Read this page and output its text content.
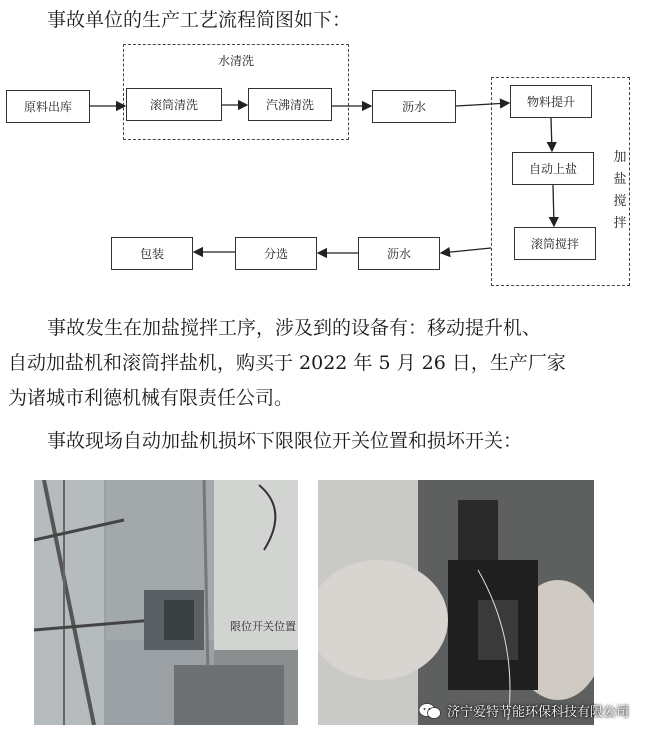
事故单位的生产工艺流程简图如下：
水清洗
加盐搅拌
原料出库	滚筒清洗	汽沸清洗	沥水	物料提升
自动上盐
滚筒搅拌
沥水
分选
包装
事故发生在加盐搅拌工序，涉及到的设备有：移动提升机、
自动加盐机和滚筒拌盐机，购买于 2022 年 5 月 26 日，生产厂家
为诸城市利德机械有限责任公司。
事故现场自动加盐机损坏下限限位开关位置和损坏开关：
限位开关位置
济宁爱特节能环保科技有限公司
